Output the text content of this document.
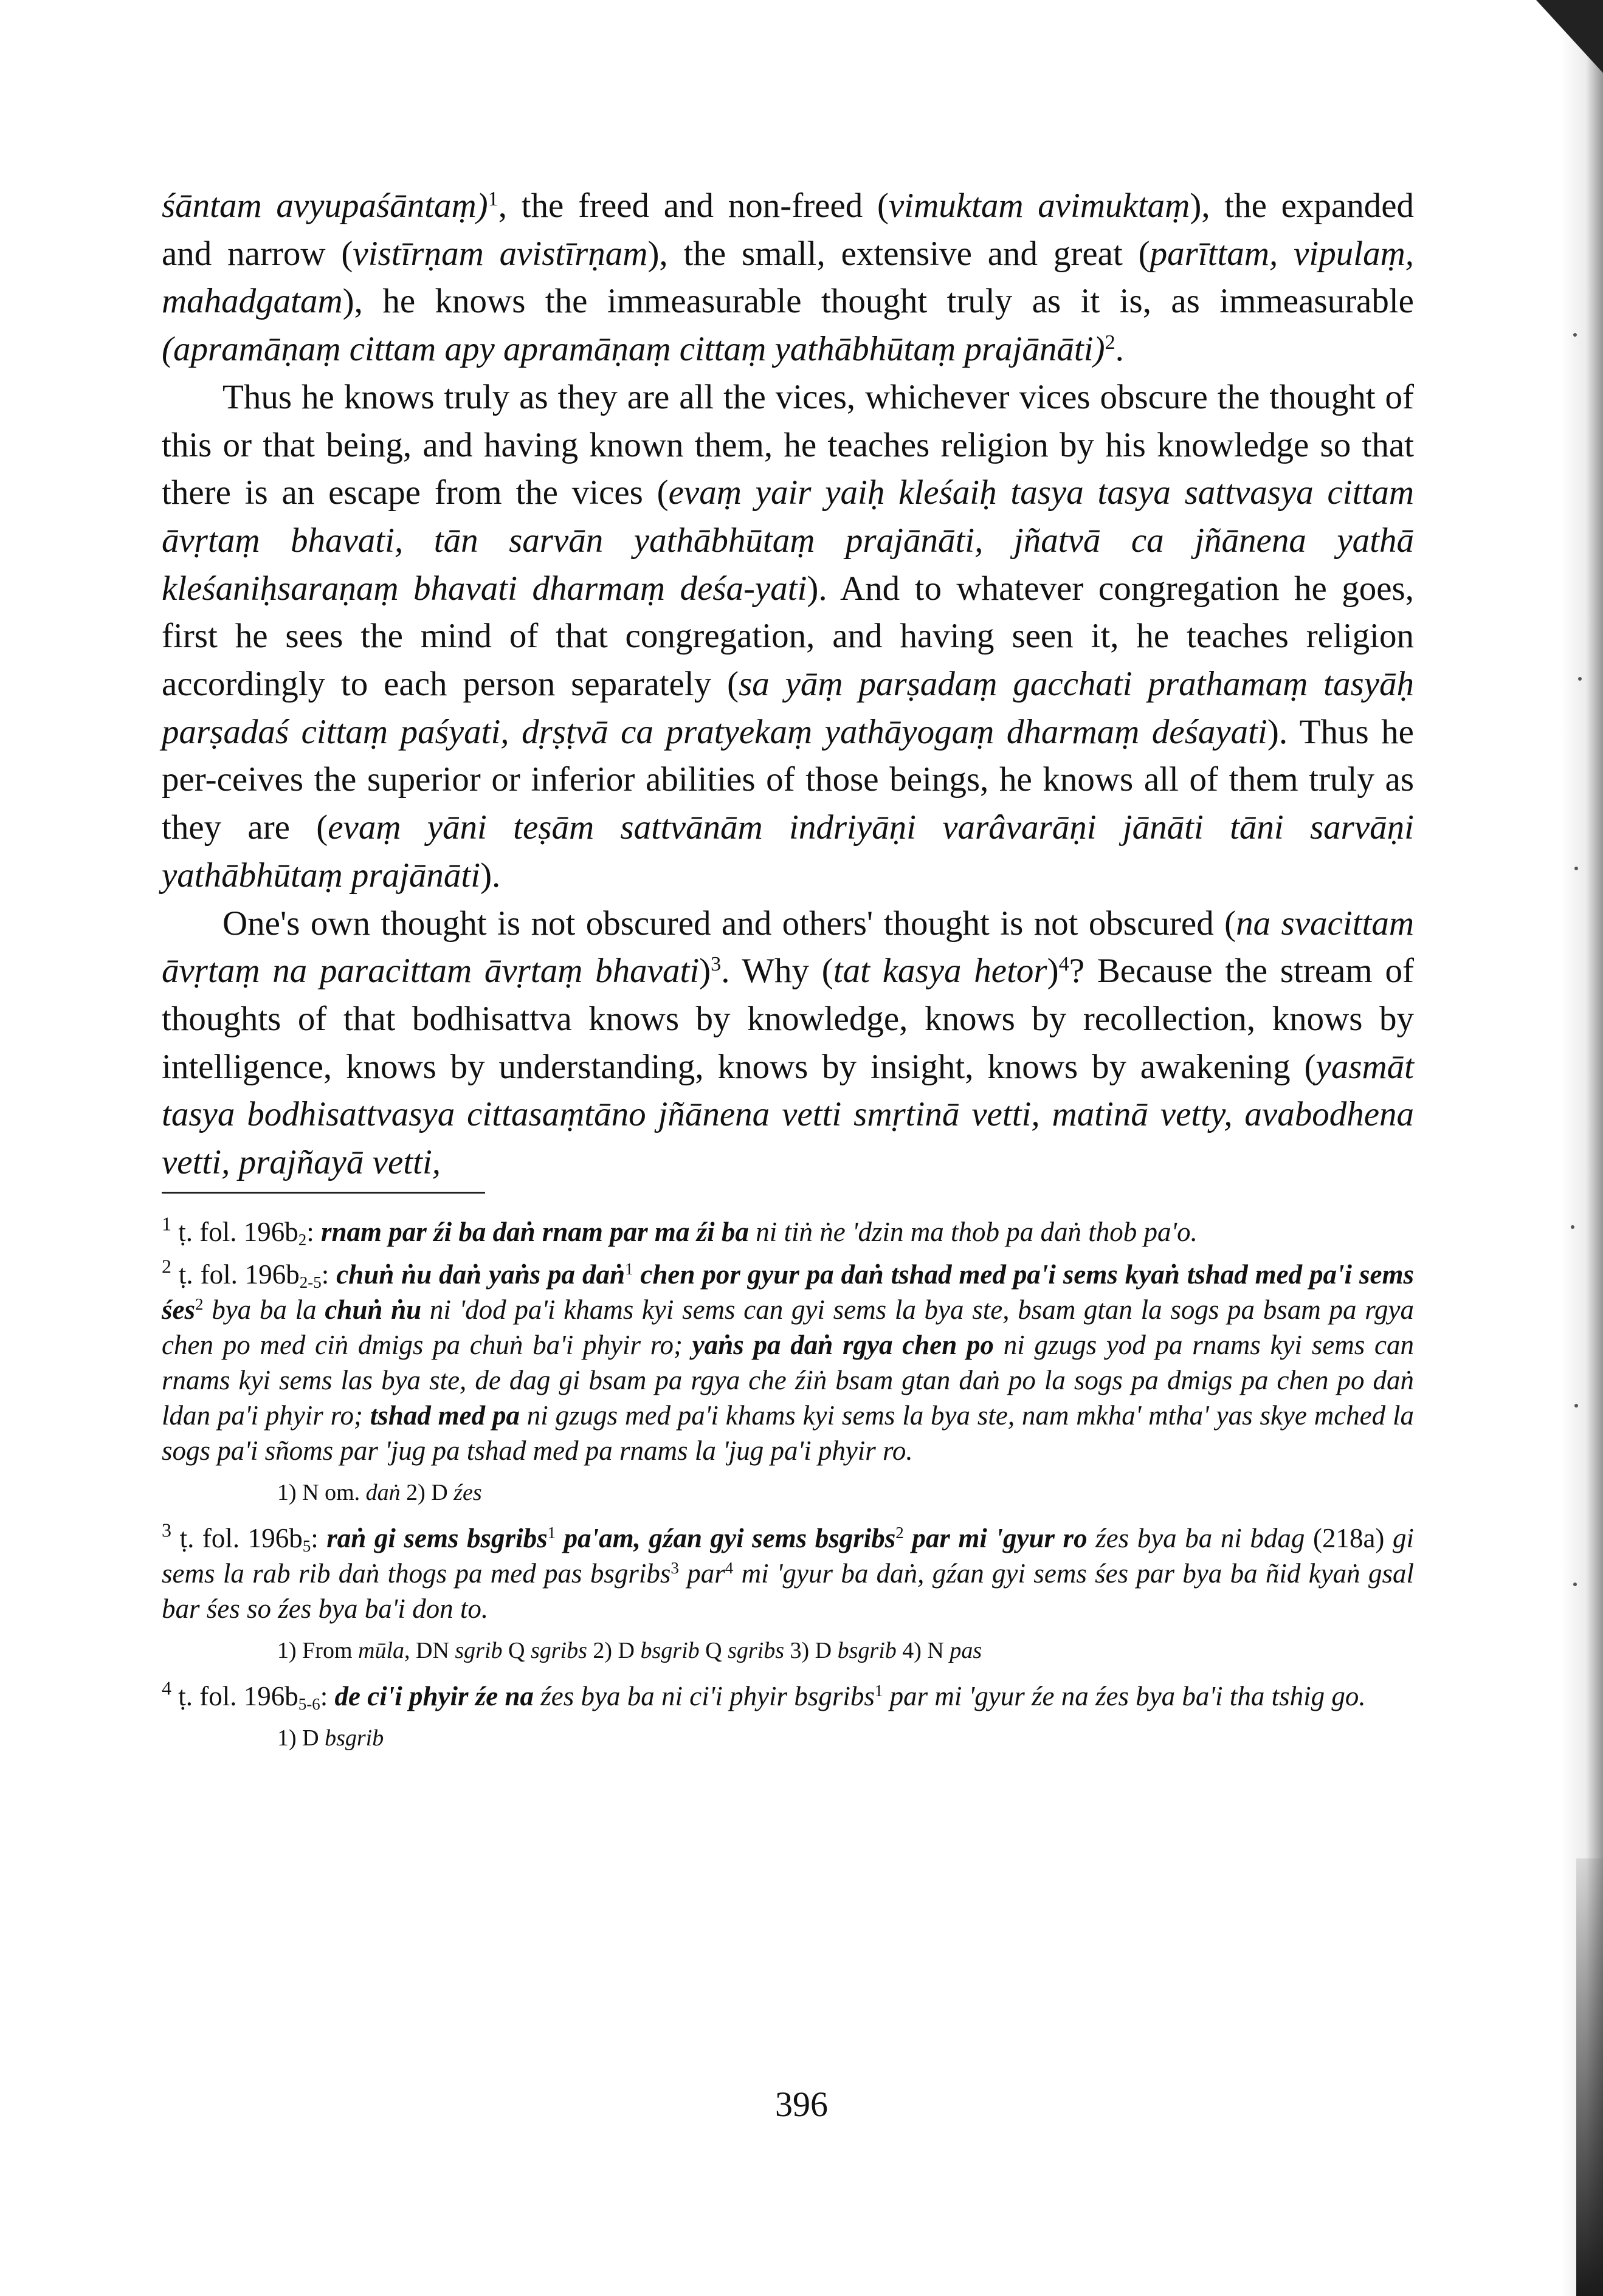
śāntam avyupaśāntaṃ)$^1$, the freed and non-freed (vimuktam avimuktaṃ), the expanded and narrow (vistīrṇam avistīrṇam), the small, extensive and great (parīttam, vipulaṃ, mahadgatam), he knows the immeasurable thought truly as it is, as immeasurable (apramāṇaṃ cittam apy apramāṇaṃ cittaṃ yathābhūtaṃ prajānāti)$^2$.

Thus he knows truly as they are all the vices, whichever vices obscure the thought of this or that being, and having known them, he teaches religion by his knowledge so that there is an escape from the vices (evaṃ yair yaiḥ kleśaiḥ tasya tasya sattvasya cittam āvṛtaṃ bhavati, tān sarvān yathābhūtaṃ prajānāti, jñatvā ca jñānena yathā kleśaniḥsaraṇaṃ bhavati dharmaṃ deśa-yati). And to whatever congregation he goes, first he sees the mind of that congregation, and having seen it, he teaches religion accordingly to each person separately (sa yāṃ parṣadaṃ gacchati prathamaṃ tasyāḥ parṣadaś cittaṃ paśyati, dṛṣṭvā ca pratyekaṃ yathāyogaṃ dharmaṃ deśayati). Thus he per-ceives the superior or inferior abilities of those beings, he knows all of them truly as they are (evaṃ yāni teṣām sattvānām indriyāṇi varâvarāṇi jānāti tāni sarvāṇi yathābhūtaṃ prajānāti).

One's own thought is not obscured and others' thought is not obscured (na svacittam āvṛtaṃ na paracittam āvṛtaṃ bhavati)$^3$. Why (tat kasya hetor)$^4$? Because the stream of thoughts of that bodhisattva knows by knowledge, knows by recollection, knows by intelligence, knows by understanding, knows by insight, knows by awakening (yasmāt tasya bodhisattvasya cittasaṃtāno jñānena vetti smṛtinā vetti, matinā vetty, avabodhena vetti, prajñayā vetti,

$^1$ ṭ. fol. $196b_2$: rnam par źi ba daṅ rnam par ma źi ba ni tiṅ ṅe 'dzin ma thob pa daṅ thob pa'o.

$^2$ ṭ. fol. $196b_{2-5}$: chuṅ ṅu daṅ yaṅs pa daṅ$^1$ chen por gyur pa daṅ tshad med pa'i sems kyaṅ tshad med pa'i sems śes$^2$ bya ba la chuṅ ṅu ni 'dod pa'i khams kyi sems can gyi sems la bya ste, bsam gtan la sogs pa bsam pa rgya chen po med ciṅ dmigs pa chuṅ ba'i phyir ro; yaṅs pa daṅ rgya chen po ni gzugs yod pa rnams kyi sems can rnams kyi sems las bya ste, de dag gi bsam pa rgya che źiṅ bsam gtan daṅ po la sogs pa dmigs pa chen po daṅ ldan pa'i phyir ro; tshad med pa ni gzugs med pa'i khams kyi sems la bya ste, nam mkha' mtha' yas skye mched la sogs pa'i sñoms par 'jug pa tshad med pa rnams la 'jug pa'i phyir ro.

1) N om. daṅ 2) D źes

$^3$ ṭ. fol. $196b_5$: raṅ gi sems bsgribs$^1$ pa'am, gźan gyi sems bsgribs$^2$ par mi 'gyur ro źes bya ba ni bdag (218a) gi sems la rab rib daṅ thogs pa med pas bsgribs$^3$ par$^4$ mi 'gyur ba daṅ, gźan gyi sems śes par bya ba ñid kyaṅ gsal bar śes so źes bya ba'i don to.

1) From mūla, DN sgrib Q sgribs 2) D bsgrib Q sgribs 3) D bsgrib 4) N pas

$^4$ ṭ. fol. $196b_{5-6}$: de ci'i phyir źe na źes bya ba ni ci'i phyir bsgribs$^1$ par mi 'gyur źe na źes bya ba'i tha tshig go.

1) D bsgrib

396
